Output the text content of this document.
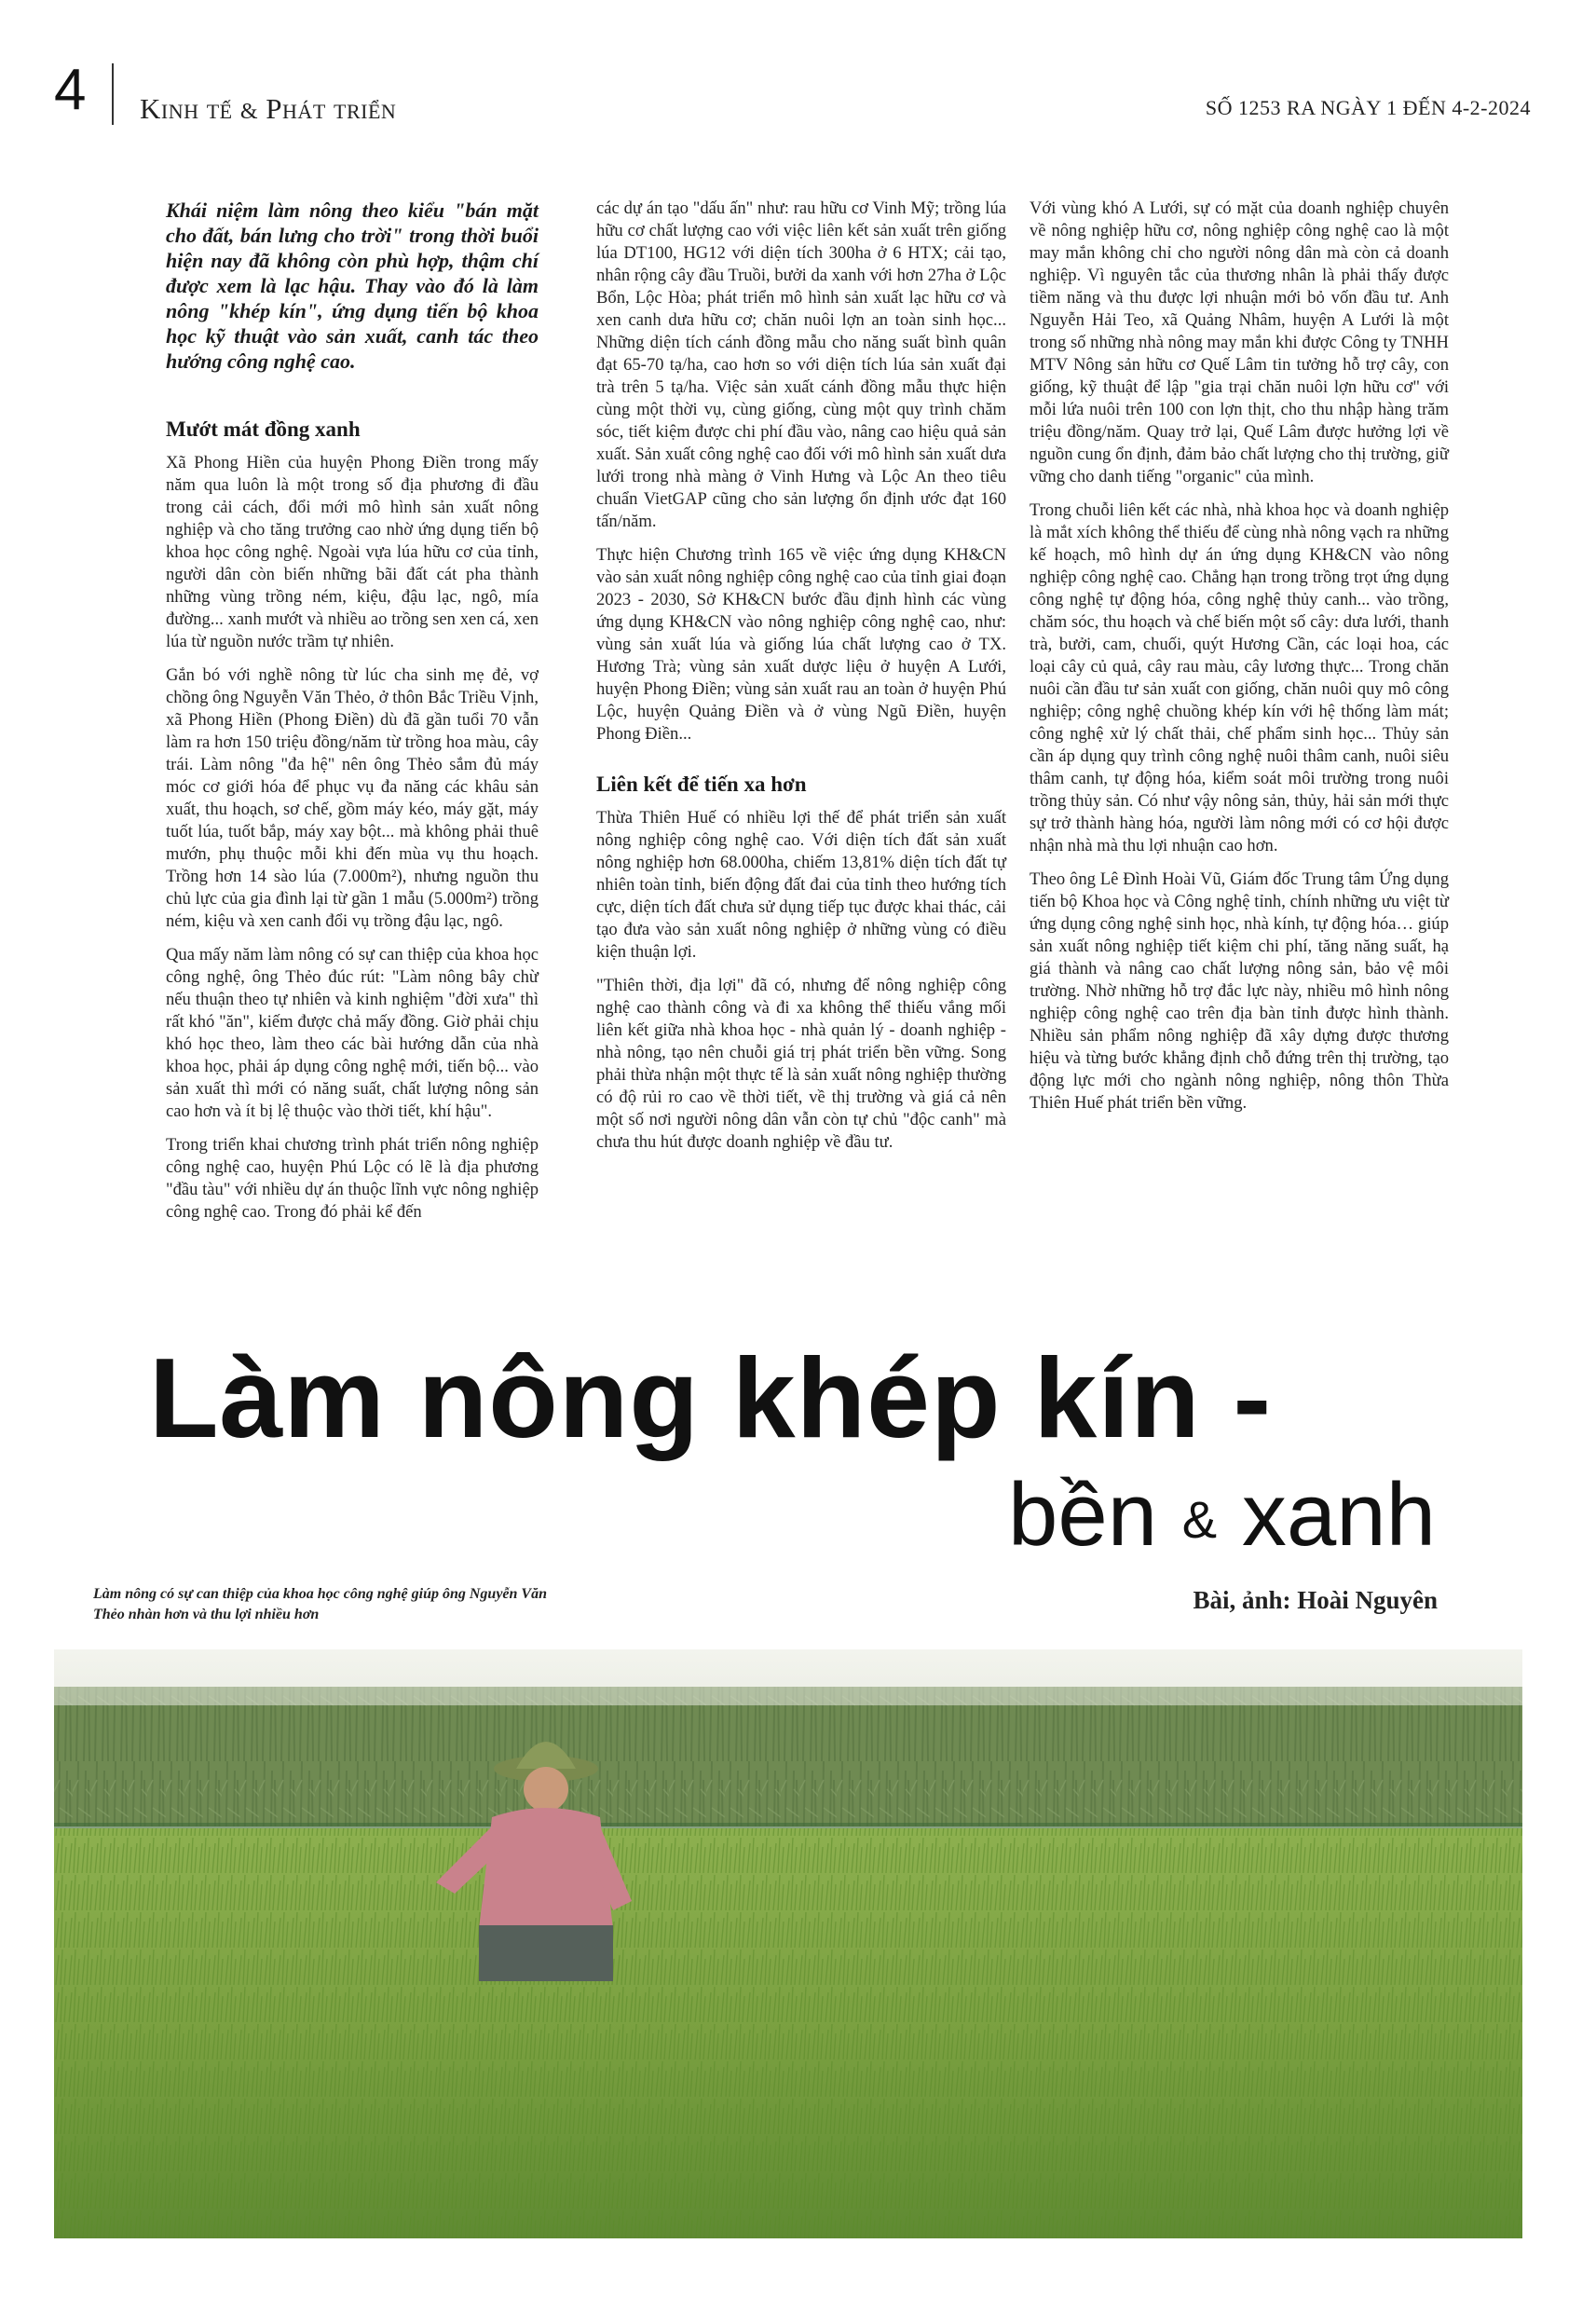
4 Kinh tế & Phát triển	SỐ 1253 RA NGÀY 1 ĐẾN 4-2-2024

Khái niệm làm nông theo kiểu "bán mặt cho đất, bán lưng cho trời" trong thời buổi hiện nay đã không còn phù hợp, thậm chí được xem là lạc hậu. Thay vào đó là làm nông "khép kín", ứng dụng tiến bộ khoa học kỹ thuật vào sản xuất, canh tác theo hướng công nghệ cao.

Mướt mát đồng xanh

Xã Phong Hiền của huyện Phong Điền trong mấy năm qua luôn là một trong số địa phương đi đầu trong cải cách, đổi mới mô hình sản xuất nông nghiệp và cho tăng trưởng cao nhờ ứng dụng tiến bộ khoa học công nghệ. Ngoài vựa lúa hữu cơ của tỉnh, người dân còn biến những bãi đất cát pha thành những vùng trồng ném, kiệu, đậu lạc, ngô, mía đường... xanh mướt và nhiều ao trồng sen xen cá, xen lúa từ nguồn nước trầm tự nhiên.

Gắn bó với nghề nông từ lúc cha sinh mẹ đẻ, vợ chồng ông Nguyễn Văn Thẻo, ở thôn Bắc Triều Vịnh, xã Phong Hiền (Phong Điền) dù đã gần tuổi 70 vẫn làm ra hơn 150 triệu đồng/năm từ trồng hoa màu, cây trái. Làm nông "đa hệ" nên ông Thẻo sắm đủ máy móc cơ giới hóa để phục vụ đa năng các khâu sản xuất, thu hoạch, sơ chế, gồm máy kéo, máy gặt, máy tuốt lúa, tuốt bắp, máy xay bột... mà không phải thuê mướn, phụ thuộc mỗi khi đến mùa vụ thu hoạch. Trồng hơn 14 sào lúa (7.000m²), nhưng nguồn thu chủ lực của gia đình lại từ gần 1 mẫu (5.000m²) trồng ném, kiệu và xen canh đổi vụ trồng đậu lạc, ngô.

Qua mấy năm làm nông có sự can thiệp của khoa học công nghệ, ông Thẻo đúc rút: "Làm nông bây chừ nếu thuận theo tự nhiên và kinh nghiệm "đời xưa" thì rất khó "ăn", kiếm được chả mấy đồng. Giờ phải chịu khó học theo, làm theo các bài hướng dẫn của nhà khoa học, phải áp dụng công nghệ mới, tiến bộ... vào sản xuất thì mới có năng suất, chất lượng nông sản cao hơn và ít bị lệ thuộc vào thời tiết, khí hậu".

Trong triển khai chương trình phát triển nông nghiệp công nghệ cao, huyện Phú Lộc có lẽ là địa phương "đầu tàu" với nhiều dự án thuộc lĩnh vực nông nghiệp công nghệ cao. Trong đó phải kể đến

các dự án tạo "dấu ấn" như: rau hữu cơ Vinh Mỹ; trồng lúa hữu cơ chất lượng cao với việc liên kết sản xuất trên giống lúa DT100, HG12 với diện tích 300ha ở 6 HTX; cải tạo, nhân rộng cây đầu Truồi, bưởi da xanh với hơn 27ha ở Lộc Bổn, Lộc Hòa; phát triển mô hình sản xuất lạc hữu cơ và xen canh dưa hữu cơ; chăn nuôi lợn an toàn sinh học... Những diện tích cánh đồng mẫu cho năng suất bình quân đạt 65-70 tạ/ha, cao hơn so với diện tích lúa sản xuất đại trà trên 5 tạ/ha. Việc sản xuất cánh đồng mẫu thực hiện cùng một thời vụ, cùng giống, cùng một quy trình chăm sóc, tiết kiệm được chi phí đầu vào, nâng cao hiệu quả sản xuất. Sản xuất công nghệ cao đối với mô hình sản xuất dưa lưới trong nhà màng ở Vinh Hưng và Lộc An theo tiêu chuẩn VietGAP cũng cho sản lượng ổn định ước đạt 160 tấn/năm.

Thực hiện Chương trình 165 về việc ứng dụng KH&CN vào sản xuất nông nghiệp công nghệ cao của tỉnh giai đoạn 2023 - 2030, Sở KH&CN bước đầu định hình các vùng ứng dụng KH&CN vào nông nghiệp công nghệ cao, như: vùng sản xuất lúa và giống lúa chất lượng cao ở TX. Hương Trà; vùng sản xuất dược liệu ở huyện A Lưới, huyện Phong Điền; vùng sản xuất rau an toàn ở huyện Phú Lộc, huyện Quảng Điền và ở vùng Ngũ Điền, huyện Phong Điền...

Liên kết để tiến xa hơn

Thừa Thiên Huế có nhiều lợi thế để phát triển sản xuất nông nghiệp công nghệ cao. Với diện tích đất sản xuất nông nghiệp hơn 68.000ha, chiếm 13,81% diện tích đất tự nhiên toàn tỉnh, biến động đất đai của tỉnh theo hướng tích cực, diện tích đất chưa sử dụng tiếp tục được khai thác, cải tạo đưa vào sản xuất nông nghiệp ở những vùng có điều kiện thuận lợi.

"Thiên thời, địa lợi" đã có, nhưng để nông nghiệp công nghệ cao thành công và đi xa không thể thiếu vắng mối liên kết giữa nhà khoa học - nhà quản lý - doanh nghiệp - nhà nông, tạo nên chuỗi giá trị phát triển bền vững. Song phải thừa nhận một thực tế là sản xuất nông nghiệp thường có độ rủi ro cao về thời tiết, về thị trường và giá cả nên một số nơi người nông dân vẫn còn tự chủ "độc canh" mà chưa thu hút được doanh nghiệp về đầu tư.

Với vùng khó A Lưới, sự có mặt của doanh nghiệp chuyên về nông nghiệp hữu cơ, nông nghiệp công nghệ cao là một may mắn không chỉ cho người nông dân mà còn cả doanh nghiệp. Vì nguyên tắc của thương nhân là phải thấy được tiềm năng và thu được lợi nhuận mới bỏ vốn đầu tư. Anh Nguyễn Hải Teo, xã Quảng Nhâm, huyện A Lưới là một trong số những nhà nông may mắn khi được Công ty TNHH MTV Nông sản hữu cơ Quế Lâm tin tưởng hỗ trợ cây, con giống, kỹ thuật để lập "gia trại chăn nuôi lợn hữu cơ" với mỗi lứa nuôi trên 100 con lợn thịt, cho thu nhập hàng trăm triệu đồng/năm. Quay trở lại, Quế Lâm được hưởng lợi về nguồn cung ổn định, đảm bảo chất lượng cho thị trường, giữ vững cho danh tiếng "organic" của mình.

Trong chuỗi liên kết các nhà, nhà khoa học và doanh nghiệp là mắt xích không thể thiếu để cùng nhà nông vạch ra những kế hoạch, mô hình dự án ứng dụng KH&CN vào nông nghiệp công nghệ cao. Chẳng hạn trong trồng trọt ứng dụng công nghệ tự động hóa, công nghệ thủy canh... vào trồng, chăm sóc, thu hoạch và chế biến một số cây: dưa lưới, thanh trà, bưởi, cam, chuối, quýt Hương Cần, các loại hoa, các loại cây củ quả, cây rau màu, cây lương thực... Trong chăn nuôi cần đầu tư sản xuất con giống, chăn nuôi quy mô công nghiệp; công nghệ chuồng khép kín với hệ thống làm mát; công nghệ xử lý chất thải, chế phẩm sinh học... Thủy sản cần áp dụng quy trình công nghệ nuôi thâm canh, nuôi siêu thâm canh, tự động hóa, kiểm soát môi trường trong nuôi trồng thủy sản. Có như vậy nông sản, thủy, hải sản mới thực sự trở thành hàng hóa, người làm nông mới có cơ hội được nhận nhà mà thu lợi nhuận cao hơn.

Theo ông Lê Đình Hoài Vũ, Giám đốc Trung tâm Ứng dụng tiến bộ Khoa học và Công nghệ tỉnh, chính những ưu việt từ ứng dụng công nghệ sinh học, nhà kính, tự động hóa… giúp sản xuất nông nghiệp tiết kiệm chi phí, tăng năng suất, hạ giá thành và nâng cao chất lượng nông sản, bảo vệ môi trường. Nhờ những hỗ trợ đắc lực này, nhiều mô hình nông nghiệp công nghệ cao trên địa bàn tỉnh được hình thành. Nhiều sản phẩm nông nghiệp đã xây dựng được thương hiệu và từng bước khẳng định chỗ đứng trên thị trường, tạo động lực mới cho ngành nông nghiệp, nông thôn Thừa Thiên Huế phát triển bền vững.

Làm nông khép kín -
bền & xanh
Làm nông có sự can thiệp của khoa học công nghệ giúp ông Nguyễn Văn Thẻo nhàn hơn và thu lợi nhiều hơn
Bài, ảnh: Hoài Nguyên
